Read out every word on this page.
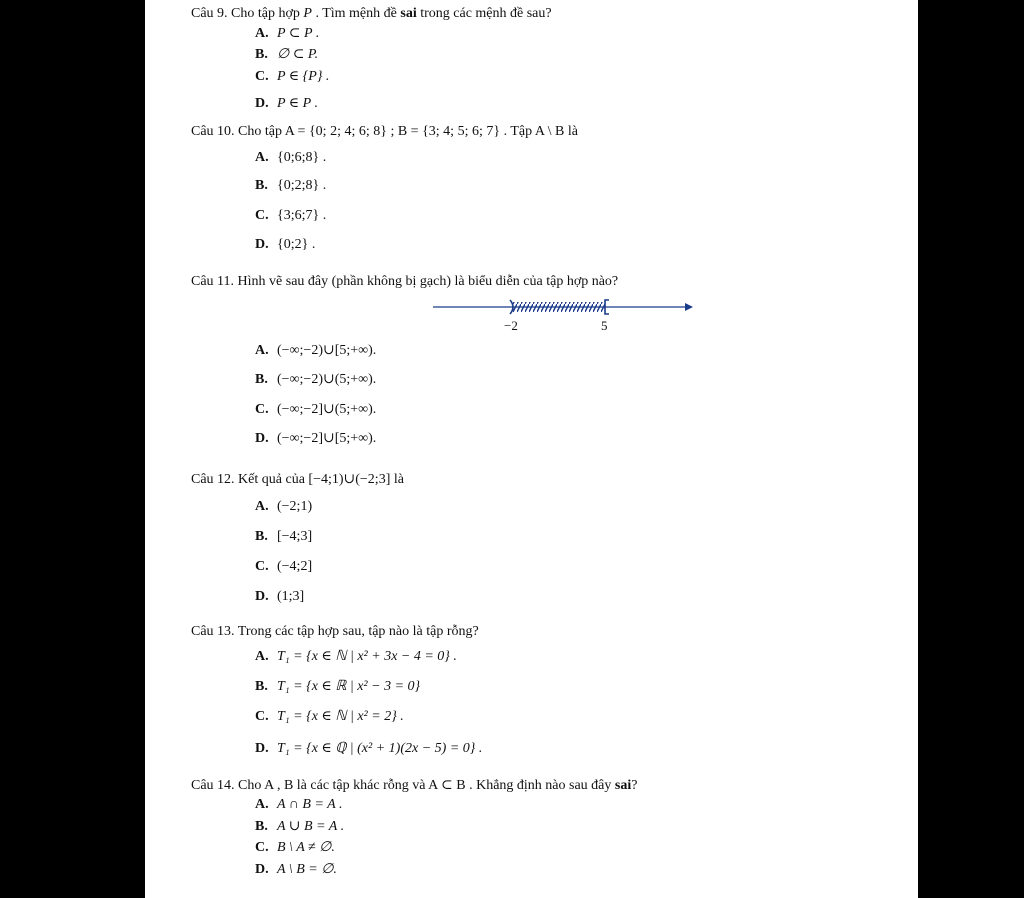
Câu 9. Cho tập hợp P . Tìm mệnh đề sai trong các mệnh đề sau?
A. P ⊂ P .
B. ∅ ⊂ P.
C. P ∈ {P} .
D. P ∈ P .
Câu 10. Cho tập A = {0; 2; 4; 6; 8} ; B = {3; 4; 5; 6; 7} . Tập A \ B là
A. {0;6;8} .
B. {0;2;8} .
C. {3;6;7} .
D. {0;2} .
Câu 11. Hình vẽ sau đây (phần không bị gạch) là biểu diễn của tập hợp nào?
−2	5
A. (−∞;−2)∪[5;+∞).
B. (−∞;−2)∪(5;+∞).
C. (−∞;−2]∪(5;+∞).
D. (−∞;−2]∪[5;+∞).
Câu 12. Kết quả của [−4;1)∪(−2;3] là
A. (−2;1)
B. [−4;3]
C. (−4;2]
D. (1;3]
Câu 13. Trong các tập hợp sau, tập nào là tập rỗng?
A. T₁ = {x ∈ ℕ | x² + 3x − 4 = 0} .
B. T₁ = {x ∈ ℝ | x² − 3 = 0}
C. T₁ = {x ∈ ℕ | x² = 2} .
D. T₁ = {x ∈ ℚ | (x² + 1)(2x − 5) = 0} .
Câu 14. Cho A , B là các tập khác rỗng và A ⊂ B . Khẳng định nào sau đây sai?
A. A ∩ B = A .
B. A ∪ B = A .
C. B \ A ≠ ∅.
D. A \ B = ∅.
